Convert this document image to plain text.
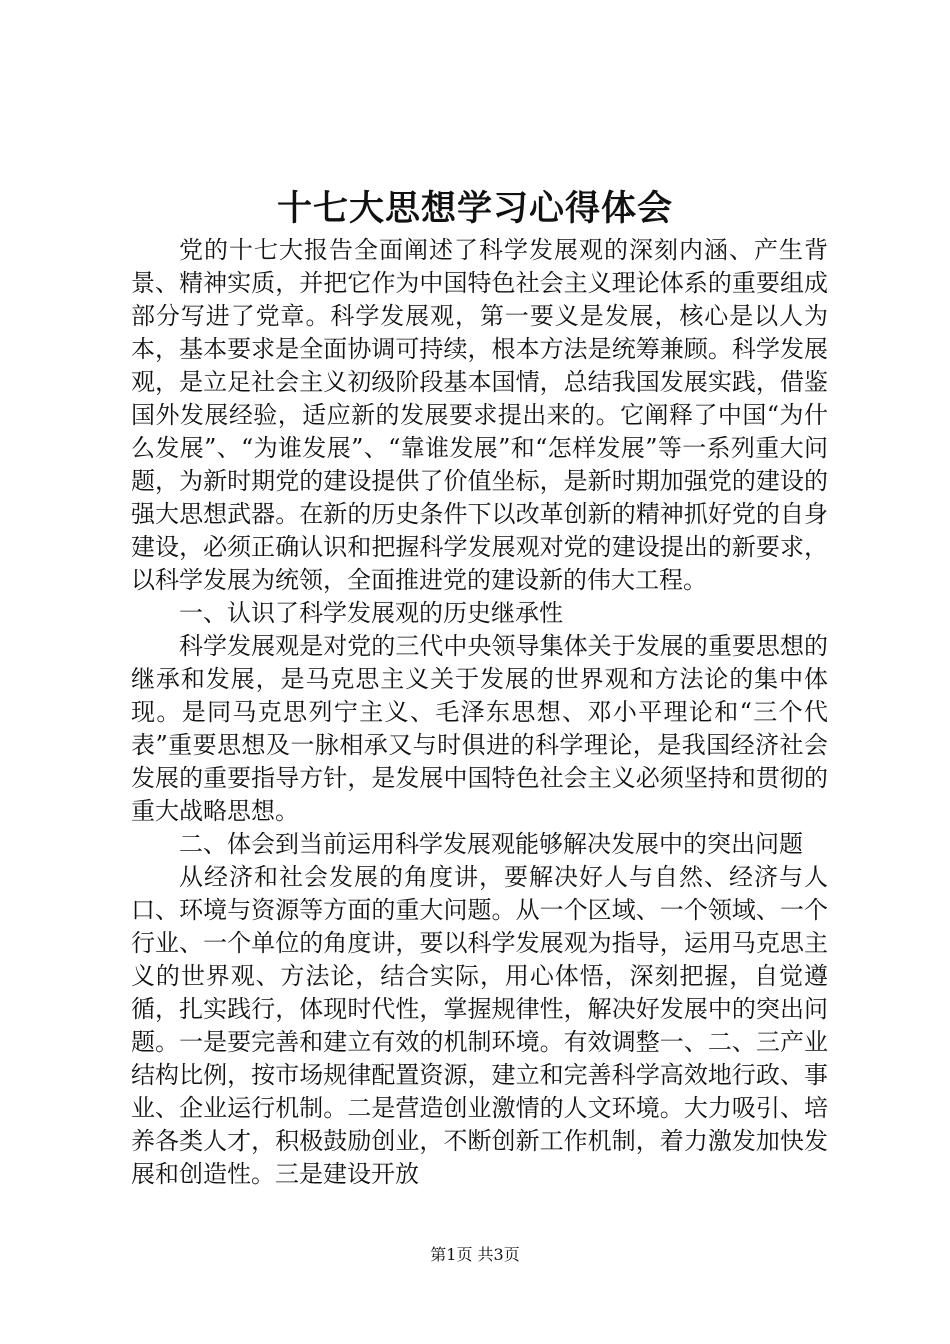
十七大思想学习心得体会

党的十七大报告全面阐述了科学发展观的深刻内涵、产生背景、精神实质，并把它作为中国特色社会主义理论体系的重要组成部分写进了党章。科学发展观，第一要义是发展，核心是以人为本，基本要求是全面协调可持续，根本方法是统筹兼顾。科学发展观，是立足社会主义初级阶段基本国情，总结我国发展实践，借鉴国外发展经验，适应新的发展要求提出来的。它阐释了中国“为什么发展”、“为谁发展”、“靠谁发展”和“怎样发展”等一系列重大问题，为新时期党的建设提供了价值坐标，是新时期加强党的建设的强大思想武器。在新的历史条件下以改革创新的精神抓好党的自身建设，必须正确认识和把握科学发展观对党的建设提出的新要求，以科学发展为统领，全面推进党的建设新的伟大工程。

一、认识了科学发展观的历史继承性

科学发展观是对党的三代中央领导集体关于发展的重要思想的继承和发展，是马克思主义关于发展的世界观和方法论的集中体现。是同马克思列宁主义、毛泽东思想、邓小平理论和“三个代表”重要思想及一脉相承又与时俱进的科学理论，是我国经济社会发展的重要指导方针，是发展中国特色社会主义必须坚持和贯彻的重大战略思想。

二、体会到当前运用科学发展观能够解决发展中的突出问题

从经济和社会发展的角度讲，要解决好人与自然、经济与人口、环境与资源等方面的重大问题。从一个区域、一个领域、一个行业、一个单位的角度讲，要以科学发展观为指导，运用马克思主义的世界观、方法论，结合实际，用心体悟，深刻把握，自觉遵循，扎实践行，体现时代性，掌握规律性，解决好发展中的突出问题。一是要完善和建立有效的机制环境。有效调整一、二、三产业结构比例，按市场规律配置资源，建立和完善科学高效地行政、事业、企业运行机制。二是营造创业激情的人文环境。大力吸引、培养各类人才，积极鼓励创业，不断创新工作机制，着力激发加快发展和创造性。三是建设开放

第1页 共3页
